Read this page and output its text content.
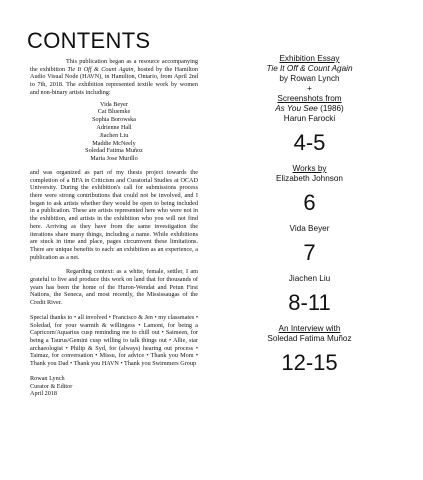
CONTENTS

This publication began as a resource accompanying the exhibition Tie It Off & Count Again, hosted by the Hamilton Audio Visual Node (HAVN), in Hamilton, Ontario, from April 2nd to 7th, 2018. The exhibition represented textile work by women and non-binary artists including:

Vida Beyer
Cat Bluemke
Sophia Borowska
Adrienne Hall
Jiachen Liu
Maddie McNeely
Soledad Fatima Muñoz
Maria Jose Murillo

and was organized as part of my thesis project towards the completion of a BFA in Criticism and Curatorial Studies at OCAD University. During the exhibition's call for submissions process there were strong contributions that could not be involved, and I began to ask artists whether they would be open to being included in a publication. These are artists represented here who were not in the exhibition, and artists in the exhibition who you will not find here. Arriving as they have from the same investigation the iterations share many things, including a name. While exhibitions are stuck in time and place, pages circumvent these limitations. There are unique benefits to each: an exhibition as an experience, a publication as a net.

Regarding context: as a white, female, settler, I am grateful to live and produce this work on land that for thousands of years has been the home of the Huron-Wendat and Petun First Nations, the Seneca, and most recently, the Mississaugas of the Credit River.

Special thanks to • all involved • Francisco & Jen • my classmates • Soledad, for your warmth & willingess • Lamont, for being a Capricorn/Aquarius cusp reminding me to chill out • Saimeen, for being a Taurus/Gemini cusp willing to talk things out • Allie, star archaeologist • Philip & Syd, for (always) hearing out process • Taimaz, for conversation • Missu, for advice • Thank you Mom • Thank you Dad • Thank you HAVN • Thank you Swimmers Group

Rowan Lynch
Curator & Editor
April 2018
Exhibition Essay
Tie It Off & Count Again
by Rowan Lynch
+
Screenshots from
As You See (1986)
Harun Farocki
4-5
Works by
Elizabeth Johnson
6
Vida Beyer
7
Jiachen Liu
8-11
An Interview with
Soledad Fatima Muñoz
12-15
